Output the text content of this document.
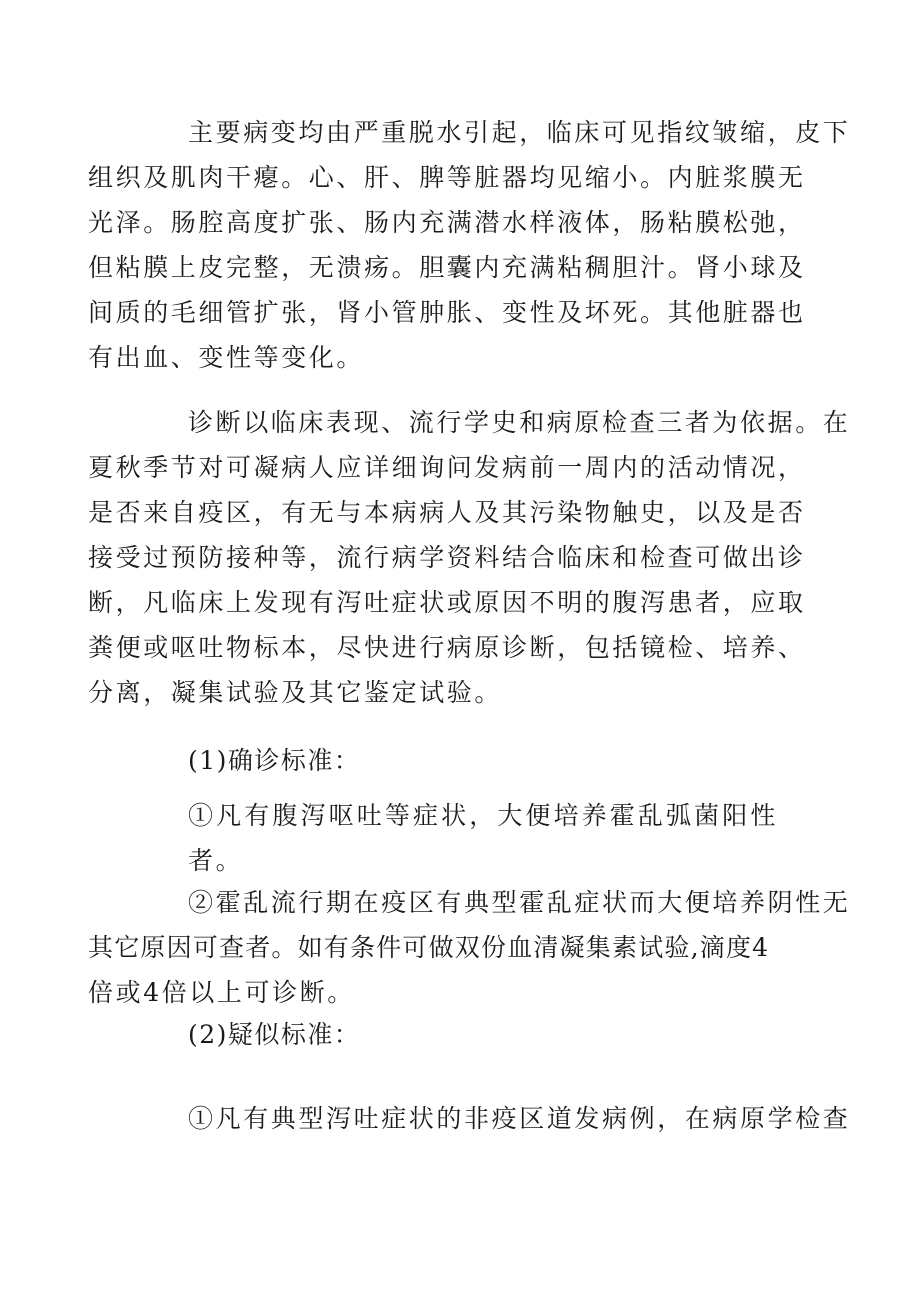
主要病变均由严重脱水引起，临床可见指纹皱缩，皮下
组织及肌肉干瘪。心、肝、脾等脏器均见缩小。内脏浆膜无
光泽。肠腔高度扩张、肠内充满潜水样液体，肠粘膜松弛，
但粘膜上皮完整，无溃疡。胆囊内充满粘稠胆汁。肾小球及
间质的毛细管扩张，肾小管肿胀、变性及坏死。其他脏器也
有出血、变性等变化。

诊断以临床表现、流行学史和病原检查三者为依据。在
夏秋季节对可凝病人应详细询问发病前一周内的活动情况，
是否来自疫区，有无与本病病人及其污染物触史，以及是否
接受过预防接种等，流行病学资料结合临床和检查可做出诊
断，凡临床上发现有泻吐症状或原因不明的腹泻患者，应取
粪便或呕吐物标本，尽快进行病原诊断，包括镜检、培养、
分离，凝集试验及其它鉴定试验。

(1)确诊标准：

①凡有腹泻呕吐等症状，大便培养霍乱弧菌阳性者。

②霍乱流行期在疫区有典型霍乱症状而大便培养阴性无
其它原因可查者。如有条件可做双份血清凝集素试验,滴度4
倍或4倍以上可诊断。

(2)疑似标准：

①凡有典型泻吐症状的非疫区道发病例，在病原学检查
